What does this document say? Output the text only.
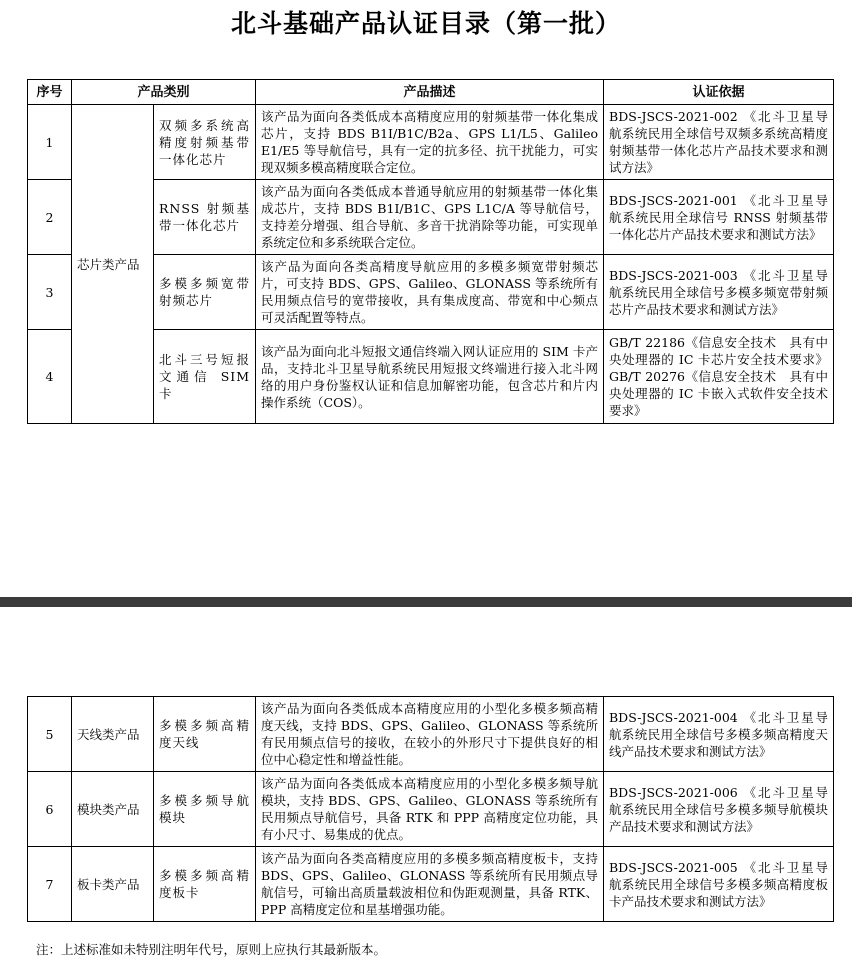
北斗基础产品认证目录（第一批）
序号	产品类别		产品描述	认证依据
1	芯片类产品	双频多系统高精度射频基带一体化芯片	该产品为面向各类低成本高精度应用的射频基带一体化集成芯片，支持 BDS B1I/B1C/B2a、GPS L1/L5、Galileo E1/E5 等导航信号，具有一定的抗多径、抗干扰能力，可实现双频多模高精度联合定位。	BDS-JSCS-2021-002 《北斗卫星导航系统民用全球信号双频多系统高精度射频基带一体化芯片产品技术要求和测试方法》
2		RNSS 射频基带一体化芯片	该产品为面向各类低成本普通导航应用的射频基带一体化集成芯片，支持 BDS B1I/B1C、GPS L1C/A 等导航信号，支持差分增强、组合导航、多音干扰消除等功能，可实现单系统定位和多系统联合定位。	BDS-JSCS-2021-001 《北斗卫星导航系统民用全球信号 RNSS 射频基带一体化芯片产品技术要求和测试方法》
3		多模多频宽带射频芯片	该产品为面向各类高精度导航应用的多模多频宽带射频芯片，可支持 BDS、GPS、Galileo、GLONASS 等系统所有民用频点信号的宽带接收，具有集成度高、带宽和中心频点可灵活配置等特点。	BDS-JSCS-2021-003 《北斗卫星导航系统民用全球信号多模多频宽带射频芯片产品技术要求和测试方法》
4		北斗三号短报文通信 SIM 卡	该产品为面向北斗短报文通信终端入网认证应用的 SIM 卡产品，支持北斗卫星导航系统民用短报文终端进行接入北斗网络的用户身份鉴权认证和信息加解密功能，包含芯片和片内操作系统（COS）。	GB/T 22186《信息安全技术　具有中央处理器的 IC 卡芯片安全技术要求》GB/T 20276《信息安全技术　具有中央处理器的 IC 卡嵌入式软件安全技术要求》
5	天线类产品	多模多频高精度天线	该产品为面向各类低成本高精度应用的小型化多模多频高精度天线，支持 BDS、GPS、Galileo、GLONASS 等系统所有民用频点信号的接收，在较小的外形尺寸下提供良好的相位中心稳定性和增益性能。	BDS-JSCS-2021-004 《北斗卫星导航系统民用全球信号多模多频高精度天线产品技术要求和测试方法》
6	模块类产品	多模多频导航模块	该产品为面向各类低成本高精度应用的小型化多模多频导航模块，支持 BDS、GPS、Galileo、GLONASS 等系统所有民用频点导航信号，具备 RTK 和 PPP 高精度定位功能，具有小尺寸、易集成的优点。	BDS-JSCS-2021-006 《北斗卫星导航系统民用全球信号多模多频导航模块产品技术要求和测试方法》
7	板卡类产品	多模多频高精度板卡	该产品为面向各类高精度应用的多模多频高精度板卡，支持 BDS、GPS、Galileo、GLONASS 等系统所有民用频点导航信号，可输出高质量载波相位和伪距观测量，具备 RTK、PPP 高精度定位和星基增强功能。	BDS-JSCS-2021-005 《北斗卫星导航系统民用全球信号多模多频高精度板卡产品技术要求和测试方法》
注：上述标准如未特别注明年代号，原则上应执行其最新版本。
